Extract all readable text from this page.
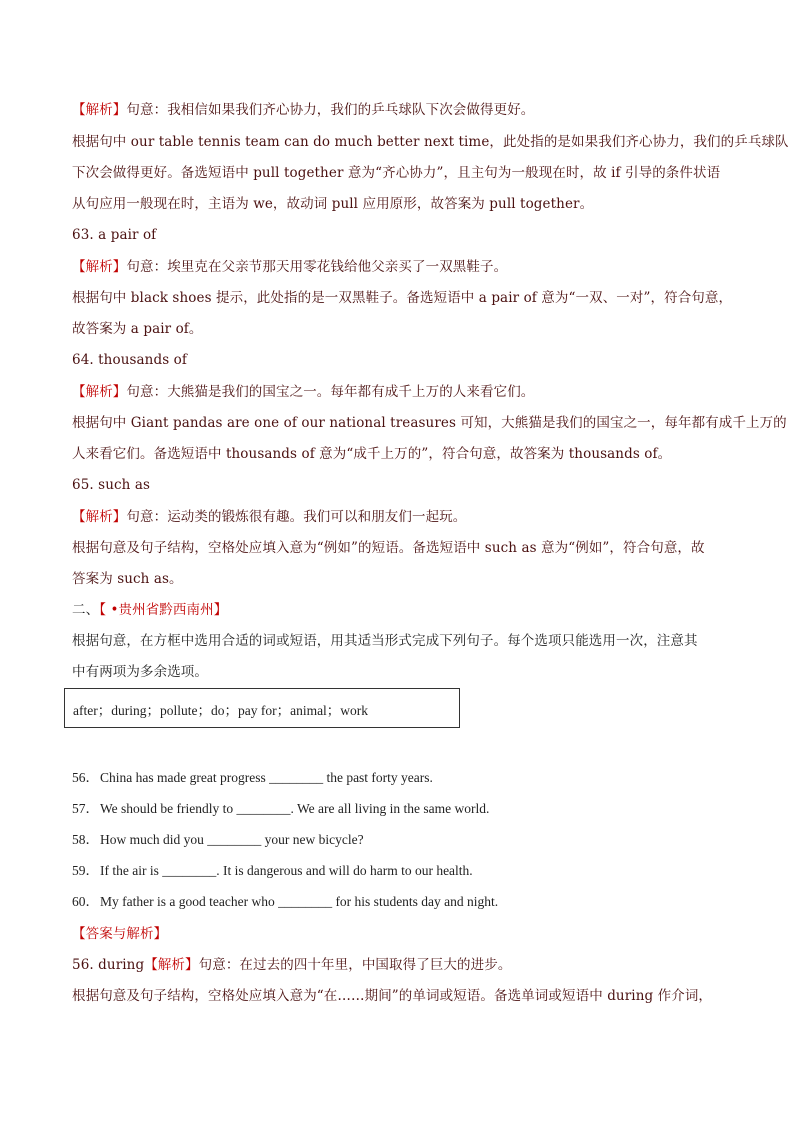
【解析】句意：我相信如果我们齐心协力，我们的乒乓球队下次会做得更好。
根据句中 our table tennis team can do much better next time，此处指的是如果我们齐心协力，我们的乒乓球队
下次会做得更好。备选短语中 pull together 意为“齐心协力”，且主句为一般现在时，故 if 引导的条件状语
从句应用一般现在时，主语为 we，故动词 pull 应用原形，故答案为 pull together。
63. a pair of
【解析】句意：埃里克在父亲节那天用零花钱给他父亲买了一双黑鞋子。
根据句中 black shoes 提示，此处指的是一双黑鞋子。备选短语中 a pair of 意为“一双、一对”，符合句意，
故答案为 a pair of。
64. thousands of
【解析】句意：大熊猫是我们的国宝之一。每年都有成千上万的人来看它们。
根据句中 Giant pandas are one of our national treasures 可知，大熊猫是我们的国宝之一，每年都有成千上万的
人来看它们。备选短语中 thousands of 意为“成千上万的”，符合句意，故答案为 thousands of。
65. such as
【解析】句意：运动类的锻炼很有趣。我们可以和朋友们一起玩。
根据句意及句子结构，空格处应填入意为“例如”的短语。备选短语中 such as 意为“例如”，符合句意，故
答案为 such as。
二、【 •贵州省黔西南州】
根据句意，在方框中选用合适的词或短语，用其适当形式完成下列句子。每个选项只能选用一次，注意其
中有两项为多余选项。
after；during；pollute；do；pay for；animal；work
56． China has made great progress ________ the past forty years.
57． We should be friendly to ________. We are all living in the same world.
58． How much did you ________ your new bicycle?
59． If the air is ________. It is dangerous and will do harm to our health.
60． My father is a good teacher who ________ for his students day and night.
【答案与解析】
56. during【解析】句意：在过去的四十年里，中国取得了巨大的进步。
根据句意及句子结构，空格处应填入意为“在……期间”的单词或短语。备选单词或短语中 during 作介词，
